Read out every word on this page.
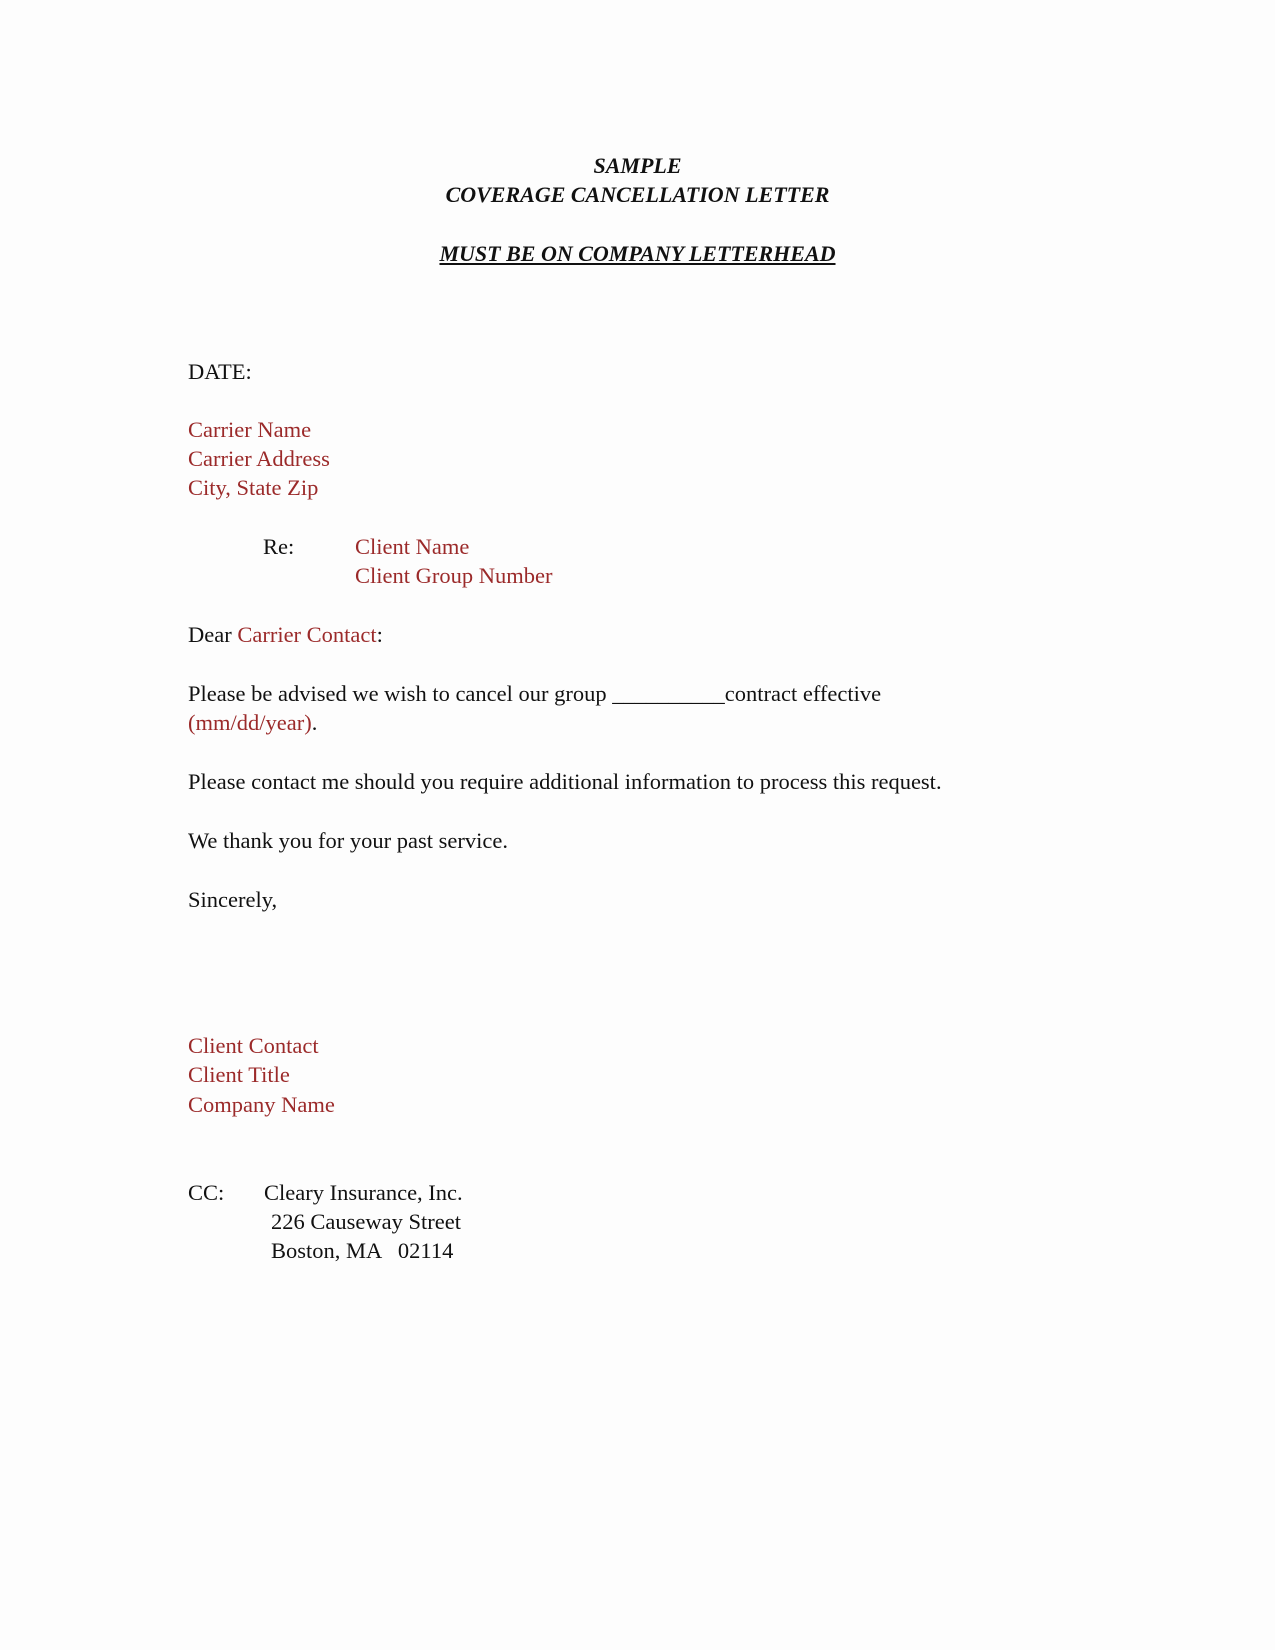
SAMPLE
COVERAGE CANCELLATION LETTER
MUST BE ON COMPANY LETTERHEAD
DATE:
Carrier Name
Carrier Address
City, State Zip
Re:	Client Name
Client Group Number
Dear Carrier Contact:
Please be advised we wish to cancel our group __________contract effective
(mm/dd/year).
Please contact me should you require additional information to process this request.
We thank you for your past service.
Sincerely,
Client Contact
Client Title
Company Name
CC: Cleary Insurance, Inc.
226 Causeway Street
Boston, MA   02114
